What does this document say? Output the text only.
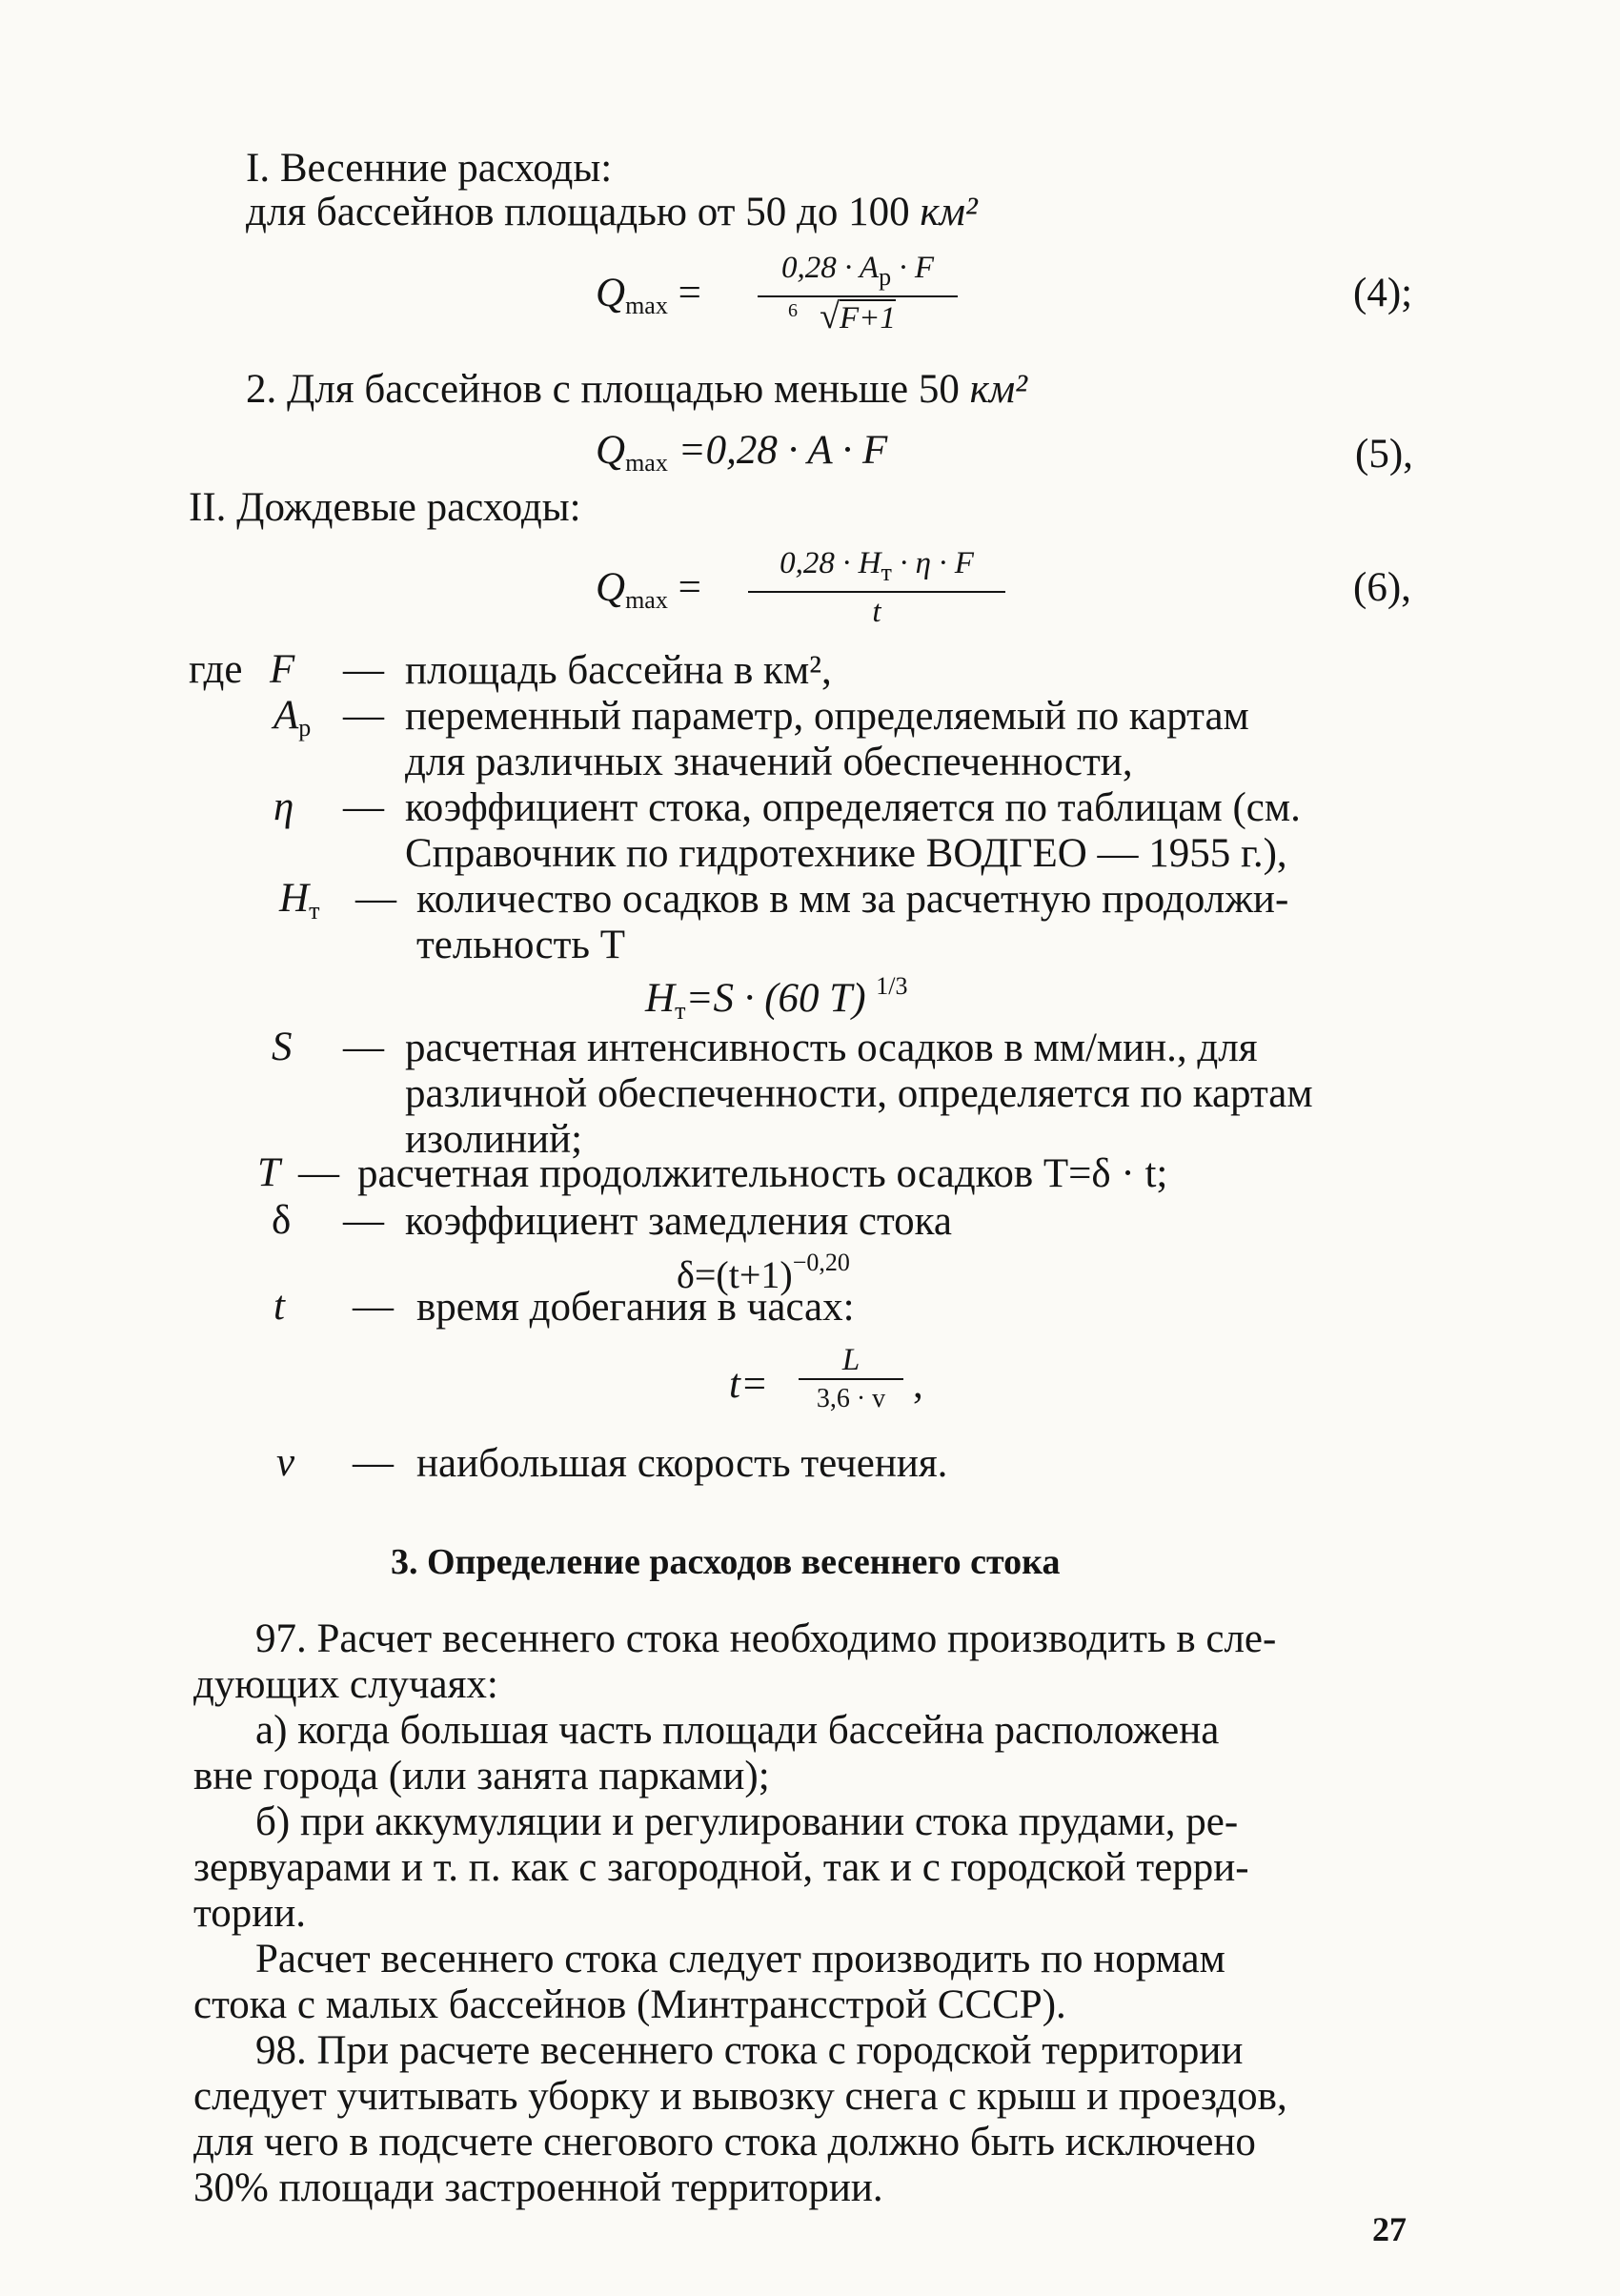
I. Весенние расходы:
для бассейнов площадью от 50 до 100 км²
$Q_{max}$ =
$0,28 \cdot A_p \cdot F$
6 √F+1
(4);
2. Для бассейнов с площадью меньше 50 км²
$Q_{max} =0,28 \cdot A \cdot F$	(5),
II. Дождевые расходы:
$Q_{max}$ =
$0,28 \cdot H_т \cdot \eta \cdot F$
t
(6),
где F — площадь бассейна в км²,
$A_p$ — переменный параметр, определяемый по картам
для различных значений обеспеченности,
η — коэффициент стока, определяется по таблицам (см.
Справочник по гидротехнике ВОДГЕО — 1955 г.),
$H_т$ — количество осадков в мм за расчетную продолжи-
тельность T
$H_т=S \cdot (60$ T) $^{1/3}$
S — расчетная интенсивность осадков в мм/мин., для
различной обеспеченности, определяется по картам
изолиний;
T — расчетная продолжительность осадков T=δ · t;
δ — коэффициент замедления стока
$\delta=(t+1)^{-0,20}$
t — время добегания в часах:
t=
L
3,6 · v ,
v — наибольшая скорость течения.
3. Определение расходов весеннего стока
97. Расчет весеннего стока необходимо производить в сле-
дующих случаях:
а) когда большая часть площади бассейна расположена
вне города (или занята парками);
б) при аккумуляции и регулировании стока прудами, ре-
зервуарами и т. п. как с загородной, так и с городской терри-
тории.
Расчет весеннего стока следует производить по нормам
стока с малых бассейнов (Минтрансстрой СССР).
98. При расчете весеннего стока с городской территории
следует учитывать уборку и вывозку снега с крыш и проездов,
для чего в подсчете снегового стока должно быть исключено
30% площади застроенной территории.
27
